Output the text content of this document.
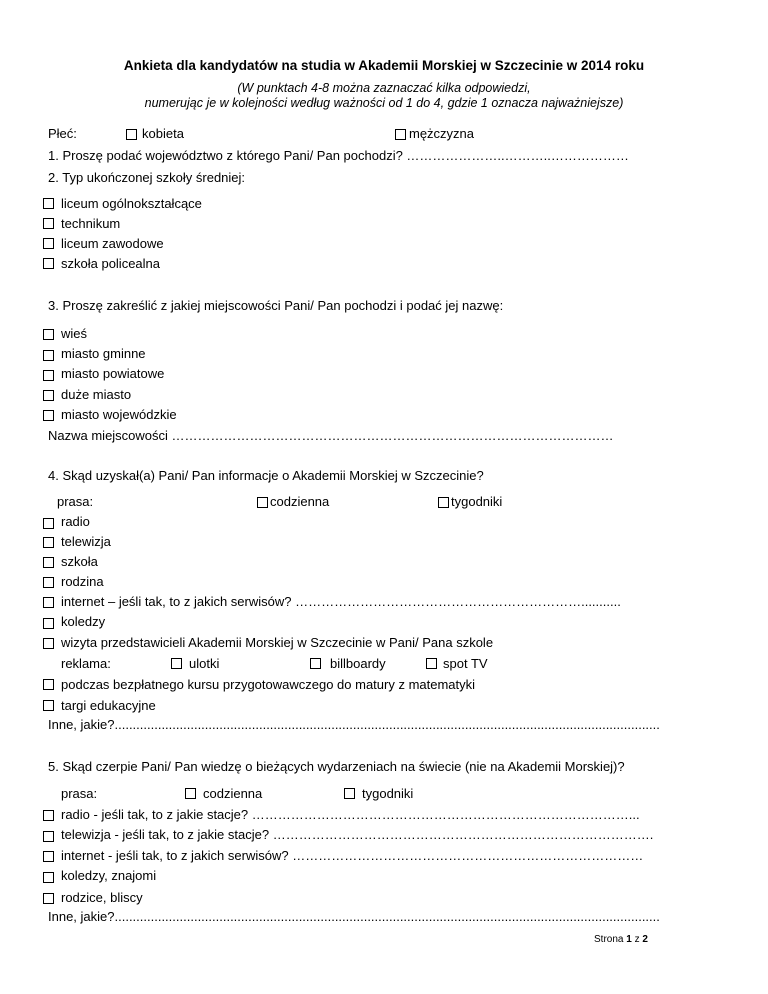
Ankieta dla kandydatów na studia w Akademii Morskiej w Szczecinie w 2014 roku
(W punktach 4-8 można zaznaczać kilka odpowiedzi,
numerując je w kolejności według ważności od 1 do 4, gdzie 1 oznacza najważniejsze)
Płeć:	kobieta	mężczyzna
1. Proszę podać województwo z którego Pani/ Pan pochodzi? …………………..………..………………
2. Typ ukończonej szkoły średniej:
liceum ogólnokształcące
technikum
liceum zawodowe
szkoła policealna
3. Proszę zakreślić z jakiej miejscowości Pani/ Pan pochodzi i podać jej nazwę:
wieś
miasto gminne
miasto powiatowe
duże miasto
miasto wojewódzkie
Nazwa miejscowości …………………………………………………………………………………………
4. Skąd uzyskał(a) Pani/ Pan informacje o Akademii Morskiej w Szczecinie?
prasa:	codzienna	tygodniki
radio
telewizja
szkoła
rodzina
internet – jeśli tak, to z jakich serwisów? …………………………………………………………...........
koledzy
wizyta przedstawicieli Akademii Morskiej w Szczecinie w Pani/ Pana szkole
reklama:	ulotki	billboardy	spot TV
podczas bezpłatnego kursu przygotowawczego do matury z matematyki
targi edukacyjne
Inne, jakie?.......................................................................................................................................................
5. Skąd czerpie Pani/ Pan wiedzę o bieżących wydarzeniach na świecie (nie na Akademii Morskiej)?
prasa:	codzienna	tygodniki
radio - jeśli tak, to z jakie stacje? ……………………………………………………………………………...
telewizja - jeśli tak, to z jakie stacje? …………………………………………………………………………….
internet - jeśli tak, to z jakich serwisów? ………………………………………………………………………
koledzy, znajomi
rodzice, bliscy
Inne, jakie?.......................................................................................................................................................
Strona 1 z 2
